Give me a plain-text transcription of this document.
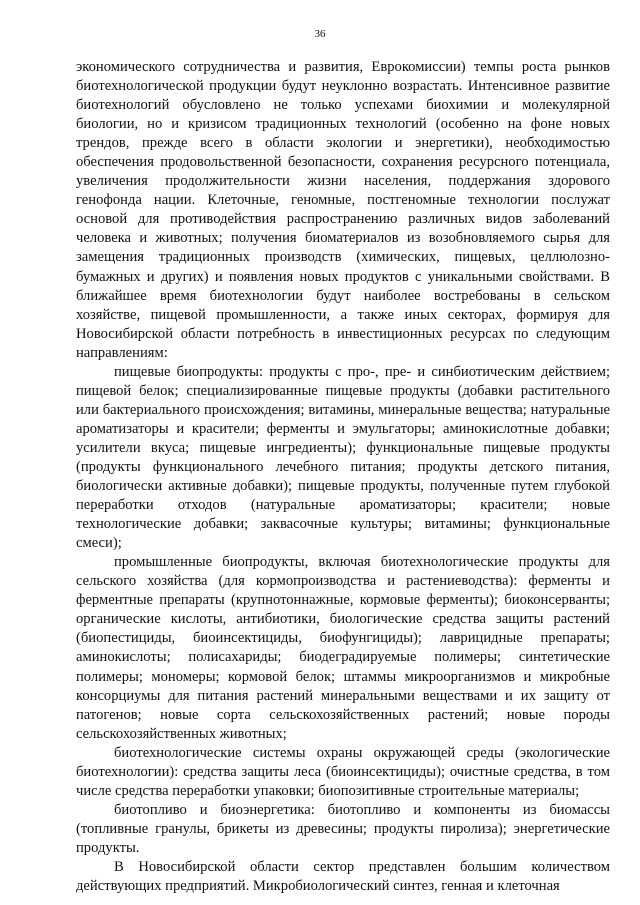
36

экономического сотрудничества и развития, Еврокомиссии) темпы роста рынков биотехнологической продукции будут неуклонно возрастать. Интенсивное развитие биотехнологий обусловлено не только успехами биохимии и молекулярной биологии, но и кризисом традиционных технологий (особенно на фоне новых трендов, прежде всего в области экологии и энергетики), необходимостью обеспечения продовольственной безопасности, сохранения ресурсного потенциала, увеличения продолжительности жизни населения, поддержания здорового генофонда нации. Клеточные, геномные, постгеномные технологии послужат основой для противодействия распространению различных видов заболеваний человека и животных; получения биоматериалов из возобновляемого сырья для замещения традиционных производств (химических, пищевых, целлюлозно-бумажных и других) и появления новых продуктов с уникальными свойствами. В ближайшее время биотехнологии будут наиболее востребованы в сельском хозяйстве, пищевой промышленности, а также иных секторах, формируя для Новосибирской области потребность в инвестиционных ресурсах по следующим направлениям:

пищевые биопродукты: продукты с про-, пре- и синбиотическим действием; пищевой белок; специализированные пищевые продукты (добавки растительного или бактериального происхождения; витамины, минеральные вещества; натуральные ароматизаторы и красители; ферменты и эмульгаторы; аминокислотные добавки; усилители вкуса; пищевые ингредиенты); функциональные пищевые продукты (продукты функционального лечебного питания; продукты детского питания, биологически активные добавки); пищевые продукты, полученные путем глубокой переработки отходов (натуральные ароматизаторы; красители; новые технологические добавки; заквасочные культуры; витамины; функциональные смеси);

промышленные биопродукты, включая биотехнологические продукты для сельского хозяйства (для кормопроизводства и растениеводства): ферменты и ферментные препараты (крупнотоннажные, кормовые ферменты); биоконсерванты; органические кислоты, антибиотики, биологические средства защиты растений (биопестициды, биоинсектициды, биофунгициды); лаврицидные препараты; аминокислоты; полисахариды; биодеградируемые полимеры; синтетические полимеры; мономеры; кормовой белок; штаммы микроорганизмов и микробные консорциумы для питания растений минеральными веществами и их защиту от патогенов; новые сорта сельскохозяйственных растений; новые породы сельскохозяйственных животных;

биотехнологические системы охраны окружающей среды (экологические биотехнологии): средства защиты леса (биоинсектициды); очистные средства, в том числе средства переработки упаковки; биопозитивные строительные материалы;

биотопливо и биоэнергетика: биотопливо и компоненты из биомассы (топливные гранулы, брикеты из древесины; продукты пиролиза); энергетические продукты.

В Новосибирской области сектор представлен большим количеством действующих предприятий. Микробиологический синтез, генная и клеточная
